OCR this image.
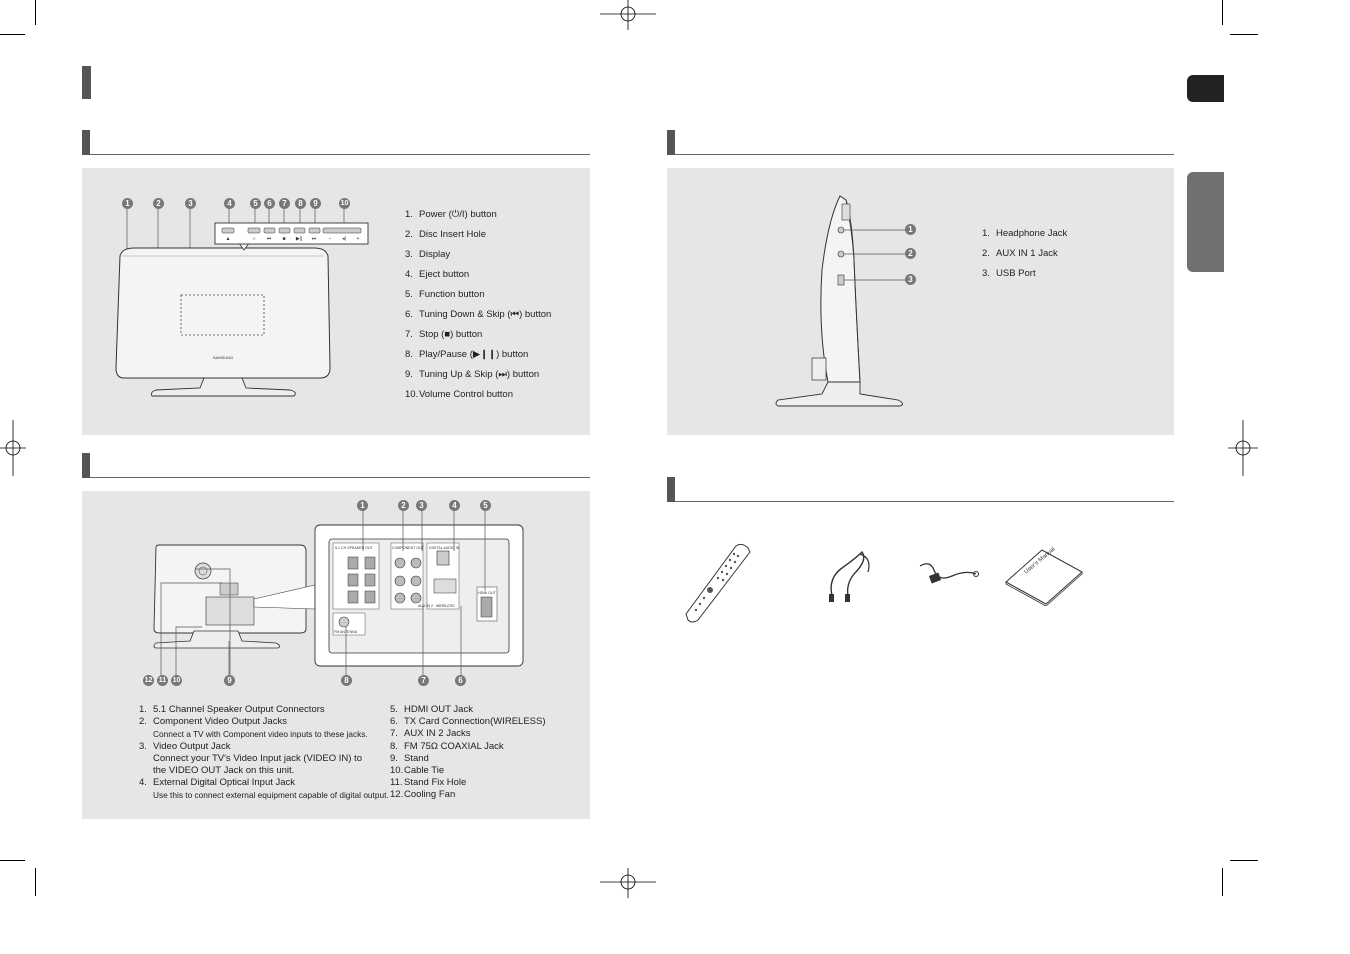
SAMSUNG
▲	○ ⏮ ■ ▶∥ ⏭ − ◂| +
1	2	3	4	5	6	7	8	9	10
1. Power (⏻/I) button
2. Disc Insert Hole
3. Display
4. Eject button
5. Function button
6. Tuning Down & Skip (⏮) button
7. Stop (■) button
8. Play/Pause (▶❙❙) button
9. Tuning Up & Skip (⏭) button
10.Volume Control button
5.1 CH SPEAKER OUT	COMPONENT OUT DIGITAL AUDIO IN
HDMI OUT
FM ANTENNA
AUX IN 2 WIRELESS
1	2	3	4	5
12 11 10	9	8	7	6
1. 5.1 Channel Speaker Output Connectors
2. Component Video Output Jacks
Connect a TV with Component video inputs to these jacks.
3. Video Output Jack
Connect your TV's Video Input jack (VIDEO IN) to
the VIDEO OUT Jack on this unit.
4. External Digital Optical Input Jack
Use this to connect external equipment capable of digital output.
5. HDMI OUT Jack
6. TX Card Connection(WIRELESS)
7. AUX IN 2 Jacks
8. FM 75Ω COAXIAL Jack
9. Stand
10.Cable Tie
11.Stand Fix Hole
12.Cooling Fan
1
2
3
1. Headphone Jack
2. AUX IN 1 Jack
3. USB Port
User's Manual
